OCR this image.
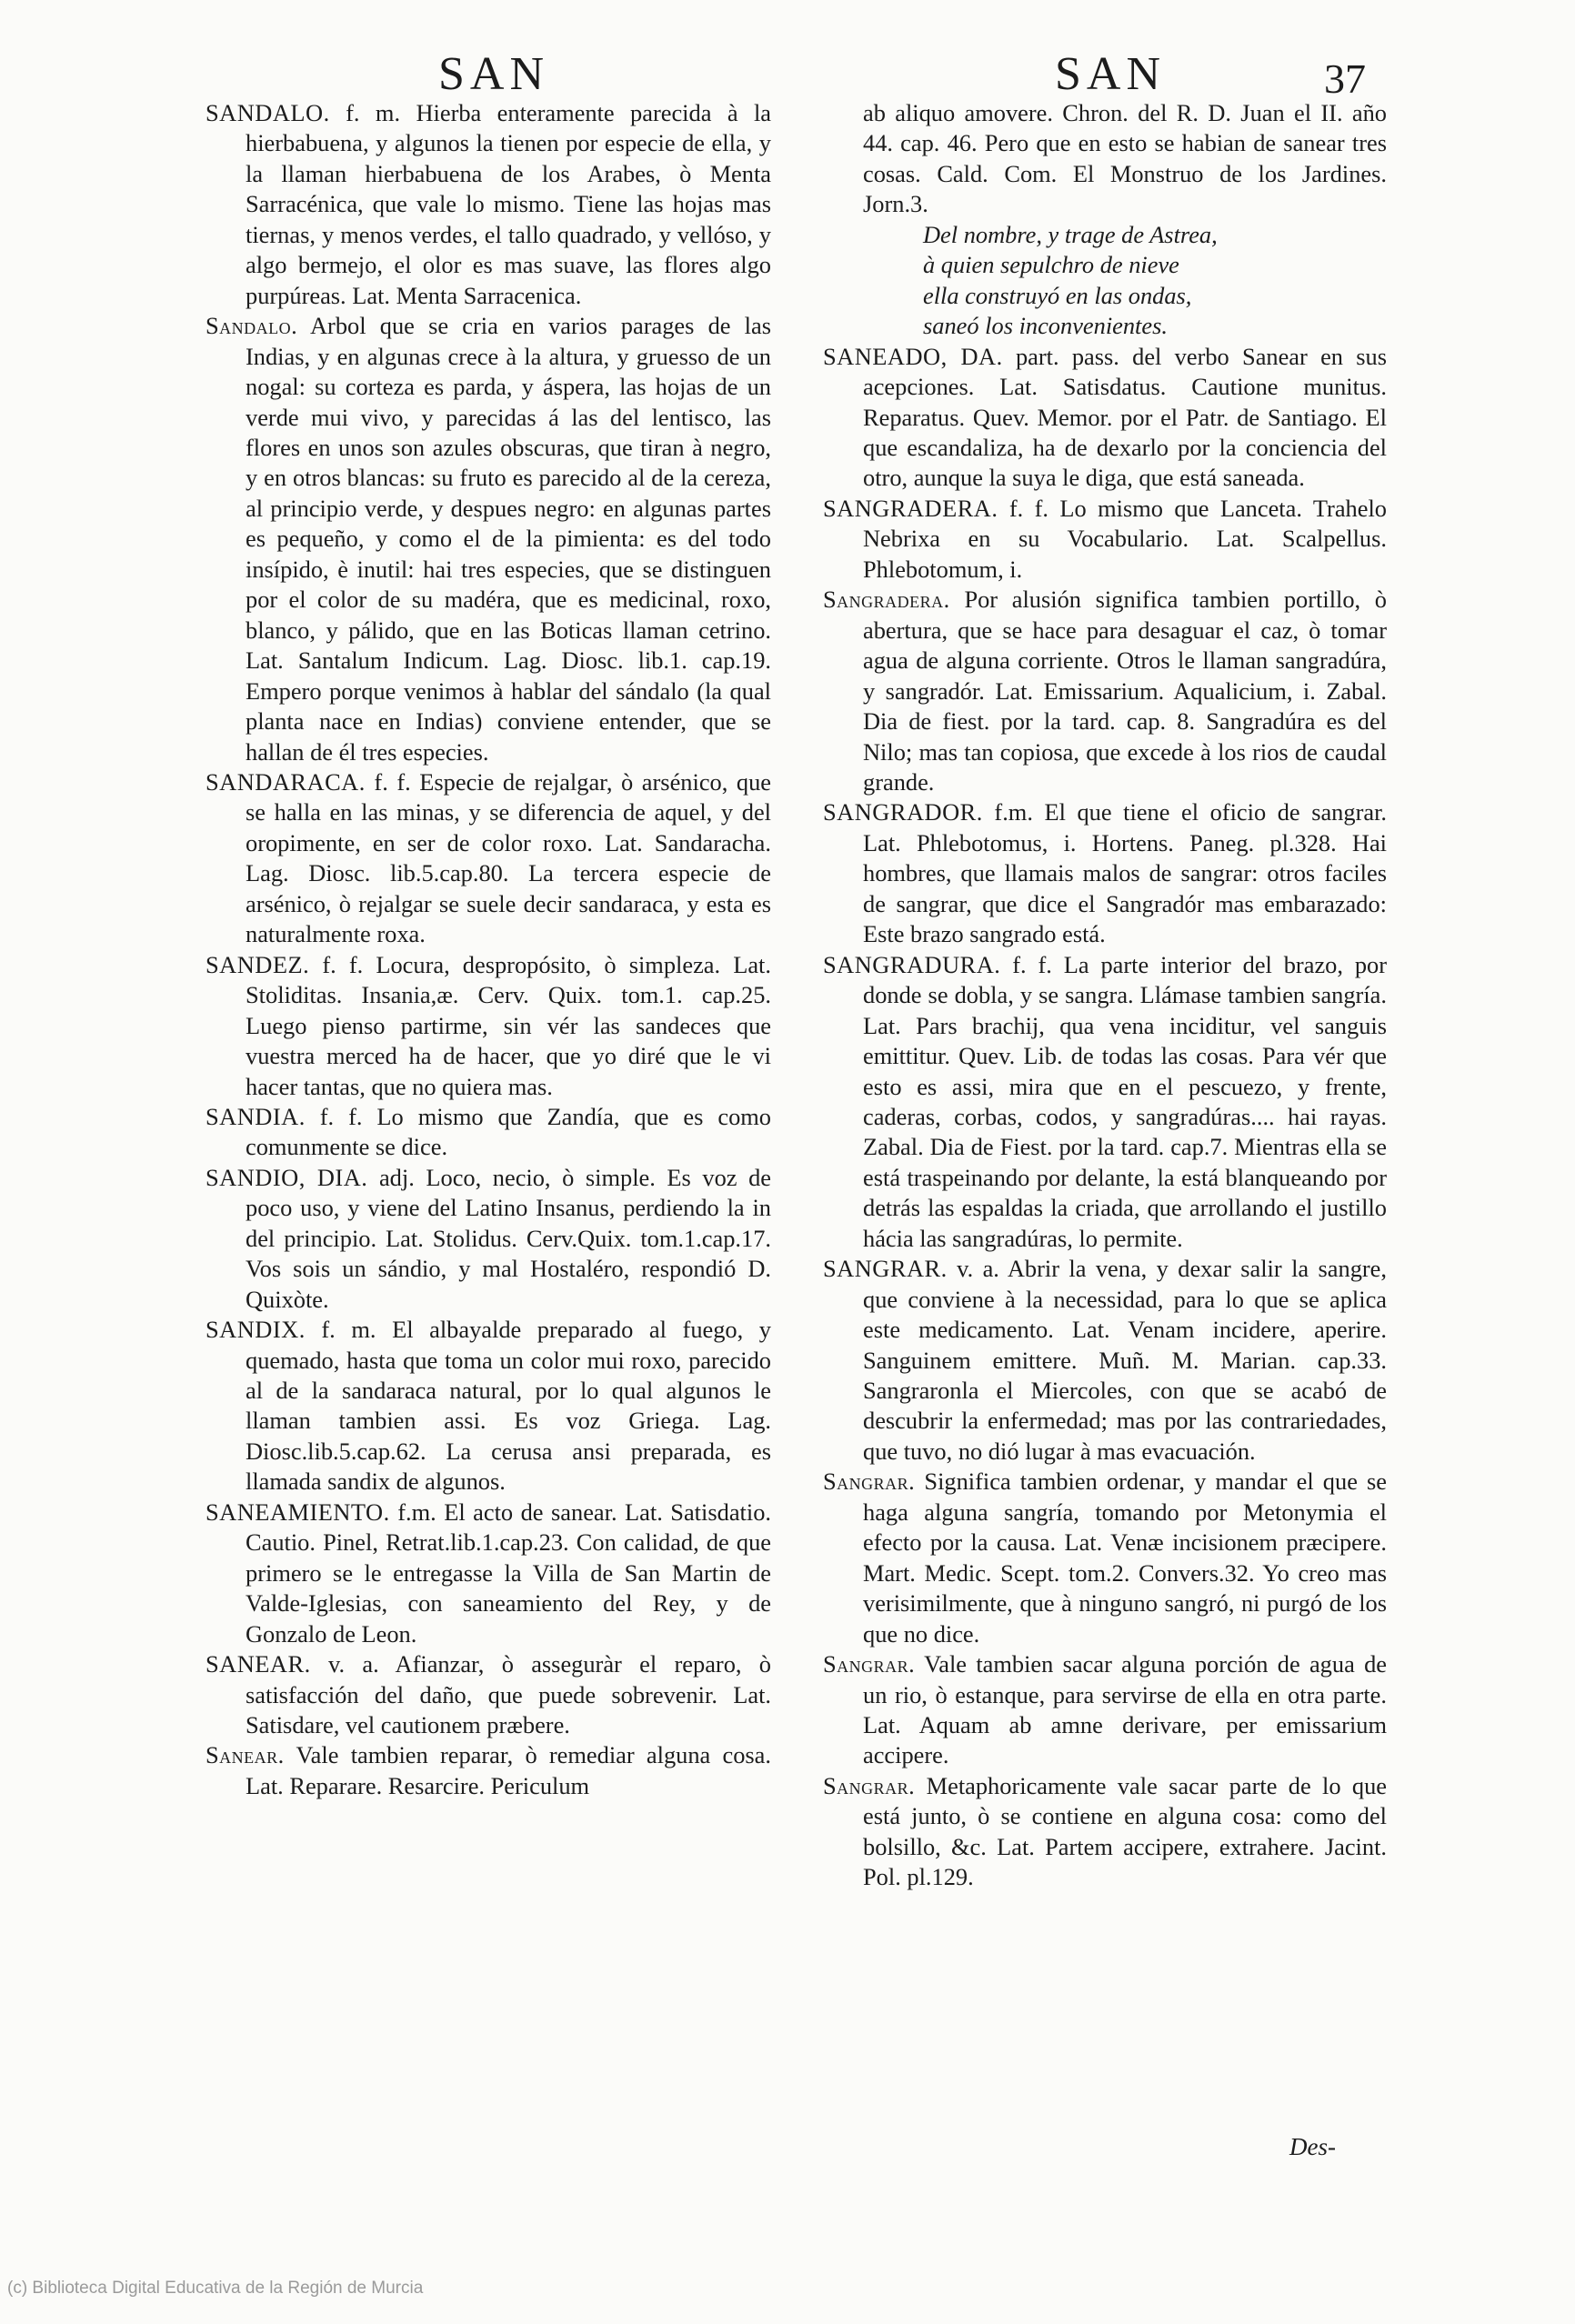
SAN	SAN	37

SANDALO. f. m. Hierba enteramente parecida à la hierbabuena, y algunos la tienen por especie de ella, y la llaman hierbabuena de los Arabes, ò Menta Sarracénica, que vale lo mismo. Tiene las hojas mas tiernas, y menos verdes, el tallo quadrado, y vellóso, y algo bermejo, el olor es mas suave, las flores algo purpúreas. Lat. Menta Sarracenica.

Sandalo. Arbol que se cria en varios parages de las Indias, y en algunas crece à la altura, y gruesso de un nogal: su corteza es parda, y áspera, las hojas de un verde mui vivo, y parecidas á las del lentisco, las flores en unos son azules obscuras, que tiran à negro, y en otros blancas: su fruto es parecido al de la cereza, al principio verde, y despues negro: en algunas partes es pequeño, y como el de la pimienta: es del todo insípido, è inutil: hai tres especies, que se distinguen por el color de su madéra, que es medicinal, roxo, blanco, y pálido, que en las Boticas llaman cetrino. Lat. Santalum Indicum. Lag. Diosc. lib.1. cap.19. Empero porque venimos à hablar del sándalo (la qual planta nace en Indias) conviene entender, que se hallan de él tres especies.

SANDARACA. f. f. Especie de rejalgar, ò arsénico, que se halla en las minas, y se diferencia de aquel, y del oropimente, en ser de color roxo. Lat. Sandaracha. Lag. Diosc. lib.5.cap.80. La tercera especie de arsénico, ò rejalgar se suele decir sandaraca, y esta es naturalmente roxa.

SANDEZ. f. f. Locura, despropósito, ò simpleza. Lat. Stoliditas. Insania,æ. Cerv. Quix. tom.1. cap.25. Luego pienso partirme, sin vér las sandeces que vuestra merced ha de hacer, que yo diré que le vi hacer tantas, que no quiera mas.

SANDIA. f. f. Lo mismo que Zandía, que es como comunmente se dice.

SANDIO, DIA. adj. Loco, necio, ò simple. Es voz de poco uso, y viene del Latino Insanus, perdiendo la in del principio. Lat. Stolidus. Cerv.Quix. tom.1.cap.17. Vos sois un sándio, y mal Hostaléro, respondió D. Quixòte.

SANDIX. f. m. El albayalde preparado al fuego, y quemado, hasta que toma un color mui roxo, parecido al de la sandaraca natural, por lo qual algunos le llaman tambien assi. Es voz Griega. Lag. Diosc.lib.5.cap.62. La cerusa ansi preparada, es llamada sandix de algunos.

SANEAMIENTO. f.m. El acto de sanear. Lat. Satisdatio. Cautio. Pinel, Retrat.lib.1.cap.23. Con calidad, de que primero se le entregasse la Villa de San Martin de Valde-Iglesias, con saneamiento del Rey, y de Gonzalo de Leon.

SANEAR. v. a. Afianzar, ò asseguràr el reparo, ò satisfacción del daño, que puede sobrevenir. Lat. Satisdare, vel cautionem præbere.

Sanear. Vale tambien reparar, ò remediar alguna cosa. Lat. Reparare. Resarcire. Periculum

ab aliquo amovere. Chron. del R. D. Juan el II. año 44. cap. 46. Pero que en esto se habian de sanear tres cosas. Cald. Com. El Monstruo de los Jardines. Jorn.3.

Del nombre, y trage de Astrea,
à quien sepulchro de nieve
ella construyó en las ondas,
saneó los inconvenientes.

SANEADO, DA. part. pass. del verbo Sanear en sus acepciones. Lat. Satisdatus. Cautione munitus. Reparatus. Quev. Memor. por el Patr. de Santiago. El que escandaliza, ha de dexarlo por la conciencia del otro, aunque la suya le diga, que está saneada.

SANGRADERA. f. f. Lo mismo que Lanceta. Trahelo Nebrixa en su Vocabulario. Lat. Scalpellus. Phlebotomum, i.

Sangradera. Por alusión significa tambien portillo, ò abertura, que se hace para desaguar el caz, ò tomar agua de alguna corriente. Otros le llaman sangradúra, y sangradór. Lat. Emissarium. Aqualicium, i. Zabal. Dia de fiest. por la tard. cap. 8. Sangradúra es del Nilo; mas tan copiosa, que excede à los rios de caudal grande.

SANGRADOR. f.m. El que tiene el oficio de sangrar. Lat. Phlebotomus, i. Hortens. Paneg. pl.328. Hai hombres, que llamais malos de sangrar: otros faciles de sangrar, que dice el Sangradór mas embarazado: Este brazo sangrado está.

SANGRADURA. f. f. La parte interior del brazo, por donde se dobla, y se sangra. Llámase tambien sangría. Lat. Pars brachij, qua vena inciditur, vel sanguis emittitur. Quev. Lib. de todas las cosas. Para vér que esto es assi, mira que en el pescuezo, y frente, caderas, corbas, codos, y sangradúras.... hai rayas. Zabal. Dia de Fiest. por la tard. cap.7. Mientras ella se está traspeinando por delante, la está blanqueando por detrás las espaldas la criada, que arrollando el justillo hácia las sangradúras, lo permite.

SANGRAR. v. a. Abrir la vena, y dexar salir la sangre, que conviene à la necessidad, para lo que se aplica este medicamento. Lat. Venam incidere, aperire. Sanguinem emittere. Muñ. M. Marian. cap.33. Sangraronla el Miercoles, con que se acabó de descubrir la enfermedad; mas por las contrariedades, que tuvo, no dió lugar à mas evacuación.

Sangrar. Significa tambien ordenar, y mandar el que se haga alguna sangría, tomando por Metonymia el efecto por la causa. Lat. Venæ incisionem præcipere. Mart. Medic. Scept. tom.2. Convers.32. Yo creo mas verisimilmente, que à ninguno sangró, ni purgó de los que no dice.

Sangrar. Vale tambien sacar alguna porción de agua de un rio, ò estanque, para servirse de ella en otra parte. Lat. Aquam ab amne derivare, per emissarium accipere.

Sangrar. Metaphoricamente vale sacar parte de lo que está junto, ò se contiene en alguna cosa: como del bolsillo, &c. Lat. Partem accipere, extrahere. Jacint. Pol. pl.129.

Des-
(c) Biblioteca Digital Educativa de la Región de Murcia
